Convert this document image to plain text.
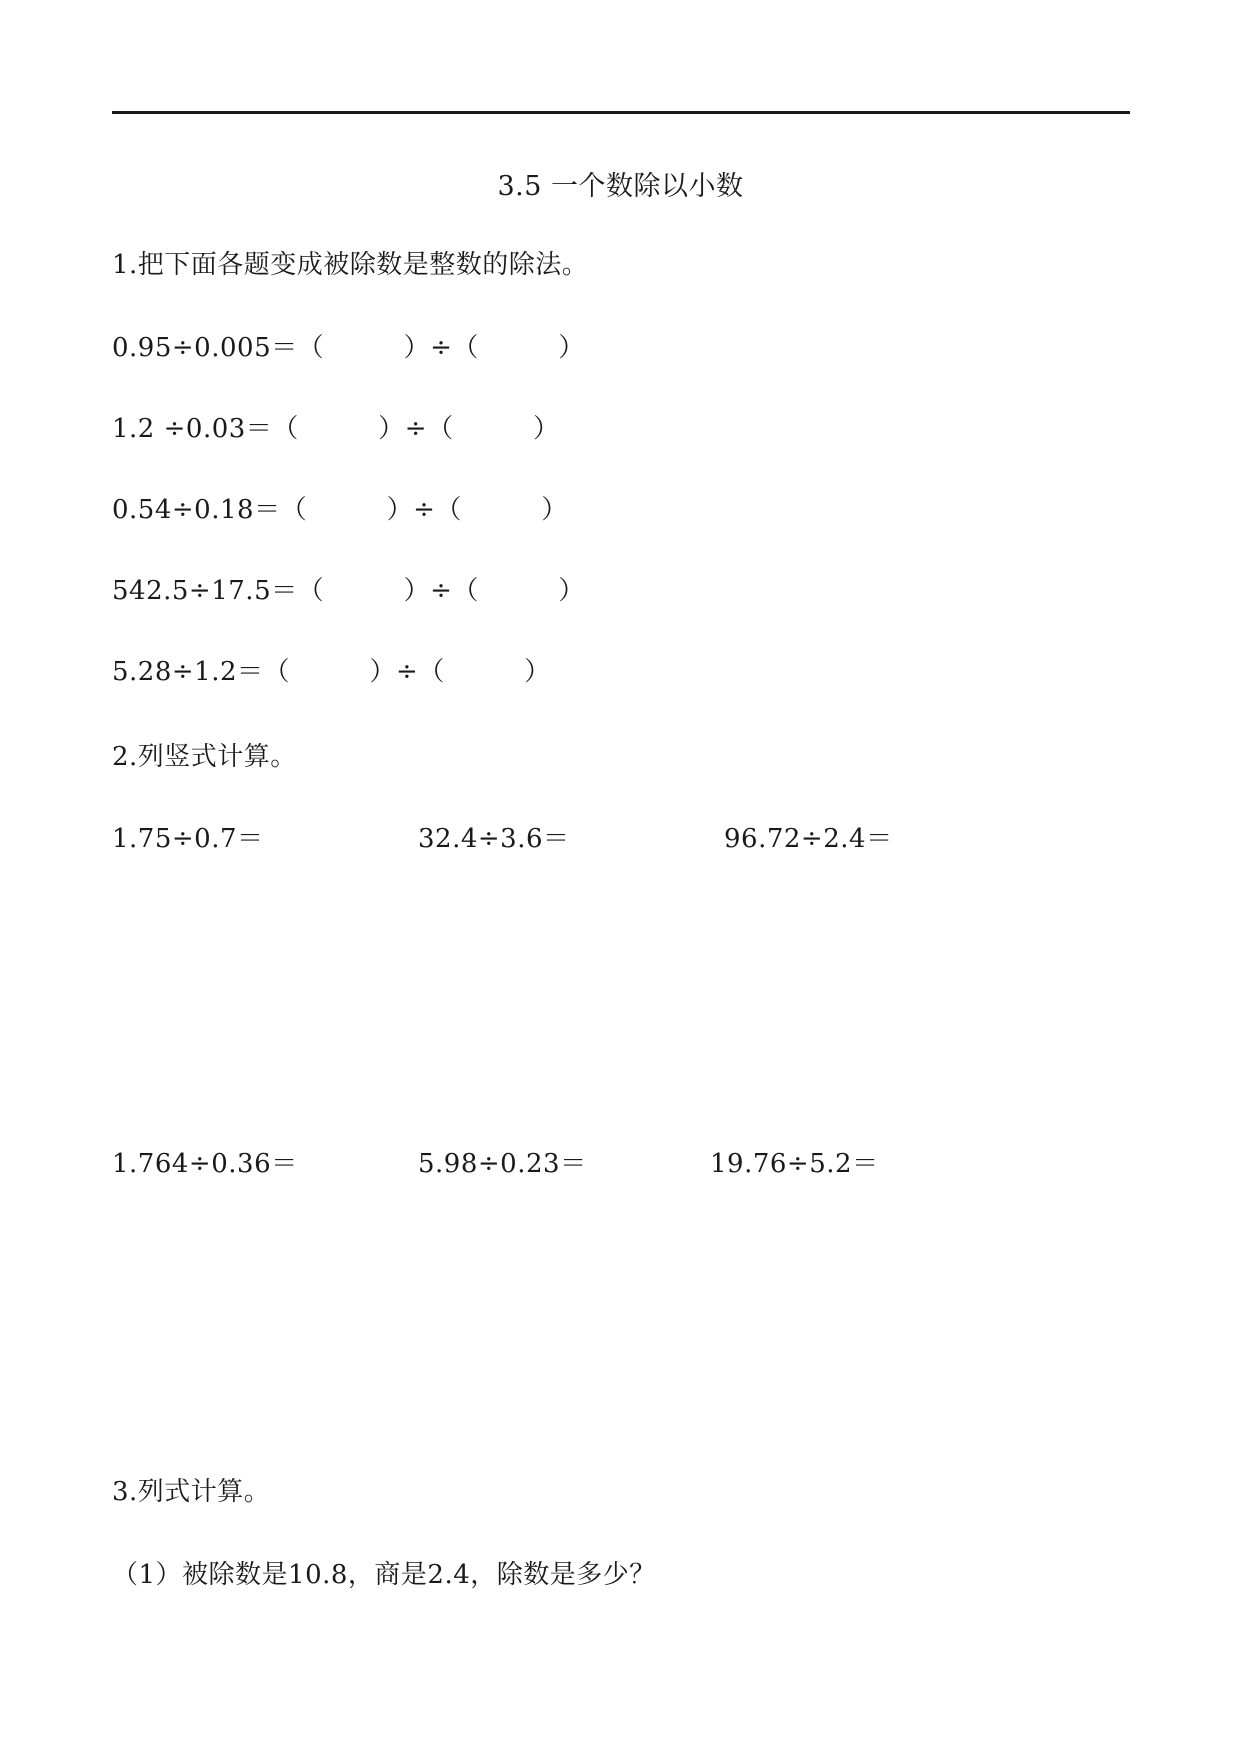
3.5 一个数除以小数
1.把下面各题变成被除数是整数的除法。
0.95÷0.005＝（　　　）÷（　　　）
1.2 ÷0.03＝（　　　）÷（　　　）
0.54÷0.18＝（　　　）÷（　　　）
542.5÷17.5＝（　　　）÷（　　　）
5.28÷1.2＝（　　　）÷（　　　）
2.列竖式计算。
1.75÷0.7＝	32.4÷3.6＝	96.72÷2.4＝
1.764÷0.36＝	5.98÷0.23＝	19.76÷5.2＝
3.列式计算。
（1）被除数是10.8，商是2.4，除数是多少？
